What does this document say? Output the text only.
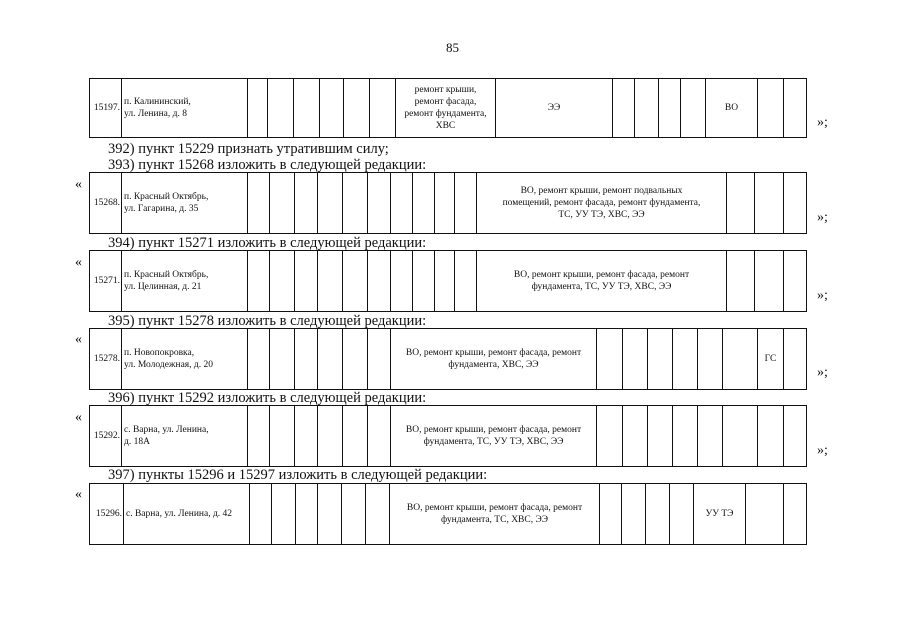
85
15197.
п. Калининский,
ул. Ленина, д. 8
ремонт крыши,
ремонт фасада,
ремонт фундамента,
ХВС
ЭЭ	ВО
»;
392) пункт 15229 признать утратившим силу;
393) пункт 15268 изложить в следующей редакции:
«
15268.
п. Красный Октябрь,
ул. Гагарина, д. 35
ВО, ремонт крыши, ремонт подвальных
помещений, ремонт фасада, ремонт фундамента,
ТС, УУ ТЭ, ХВС, ЭЭ	»;
394) пункт 15271 изложить в следующей редакции:
«
15271.
п. Красный Октябрь,
ул. Целинная, д. 21
ВО, ремонт крыши, ремонт фасада, ремонт
фундамента, ТС, УУ ТЭ, ХВС, ЭЭ
»;
395) пункт 15278 изложить в следующей редакции:
«
15278.
п. Новопокровка,
ул. Молодежная, д. 20
ВО, ремонт крыши, ремонт фасада, ремонт
фундамента, ХВС, ЭЭ
ГС
»;
396) пункт 15292 изложить в следующей редакции:
«
15292.
с. Варна, ул. Ленина,
д. 18А
ВО, ремонт крыши, ремонт фасада, ремонт
фундамента, ТС, УУ ТЭ, ХВС, ЭЭ
»;
397) пункты 15296 и 15297 изложить в следующей редакции:
«
15296. с. Варна, ул. Ленина, д. 42
ВО, ремонт крыши, ремонт фасада, ремонт
фундамента, ТС, ХВС, ЭЭ
УУ ТЭ
